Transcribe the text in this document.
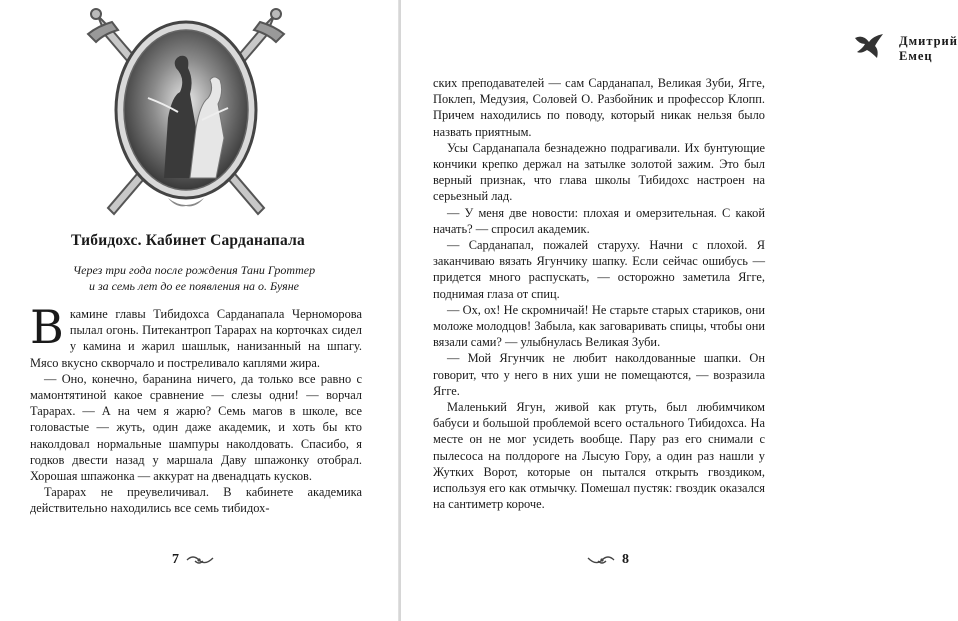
Тибидохс. Кабинет Сарданапала
Через три года после рождения Тани Гроттер
и за семь лет до ее появления на о. Буяне

Вкамине главы Тибидохса Сарданапала Черноморова пылал огонь. Питекантроп Тарарах на корточках сидел у камина и жарил шашлык, нанизанный на шпагу. Мясо вкусно скворчало и постреливало каплями жира.

— Оно, конечно, баранина ничего, да только все равно с мамонтятиной какое сравнение — слезы одни! — ворчал Тарарах. — А на чем я жарю? Семь магов в школе, все головастые — жуть, один даже академик, и хоть бы кто наколдовал нормальные шампуры наколдовать. Спасибо, я годков двести назад у маршала Даву шпажонку отобрал. Хорошая шпажонка — аккурат на двенадцать кусков.

Тарарах не преувеличивал. В кабинете академика действительно находились все семь тибидох-

7
Дмитрий Емец

ских преподавателей — сам Сарданапал, Великая Зуби, Ягге, Поклеп, Медузия, Соловей О. Разбойник и профессор Клопп. Причем находились по поводу, который никак нельзя было назвать приятным.

Усы Сарданапала безнадежно подрагивали. Их бунтующие кончики крепко держал на затылке золотой зажим. Это был верный признак, что глава школы Тибидохс настроен на серьезный лад.

— У меня две новости: плохая и омерзительная. С какой начать? — спросил академик.

— Сарданапал, пожалей старуху. Начни с плохой. Я заканчиваю вязать Ягунчику шапку. Если сейчас ошибусь — придется много распускать, — осторожно заметила Ягге, поднимая глаза от спиц.

— Ох, ох! Не скромничай! Не старьте старых стариков, они моложе молодцов! Забыла, как заговаривать спицы, чтобы они вязали сами? — улыбнулась Великая Зуби.

— Мой Ягунчик не любит наколдованные шапки. Он говорит, что у него в них уши не помещаются, — возразила Ягге.

Маленький Ягун, живой как ртуть, был любимчиком бабуси и большой проблемой всего остального Тибидохса. На месте он не мог усидеть вообще. Пару раз его снимали с пылесоса на полдороге на Лысую Гору, а один раз нашли у Жутких Ворот, которые он пытался открыть гвоздиком, используя его как отмычку. Помешал пустяк: гвоздик оказался на сантиметр короче.

8
